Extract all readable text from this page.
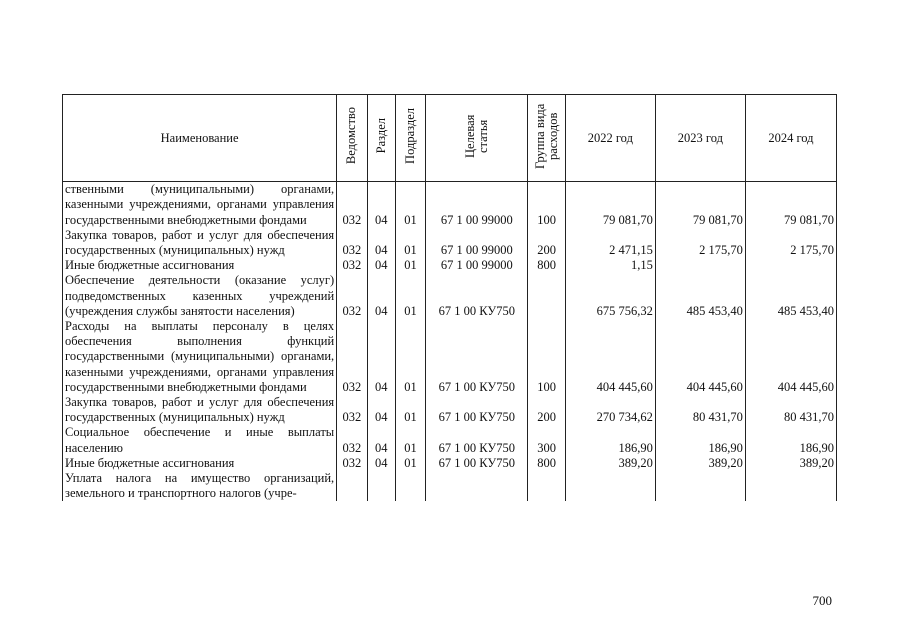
Наименование	Ведомство	Раздел	Подраздел	Целевая статья	Группа вида расходов	2022 год	2023 год	2024 год
ственными (муниципальными) органами, казенными учреждениями, органами управления государственными внебюджетными фондами	032	04	01	67 1 00 99000	100	79 081,70	79 081,70	79 081,70
Закупка товаров, работ и услуг для обеспечения государственных (муниципальных) нужд	032	04	01	67 1 00 99000	200	2 471,15	2 175,70	2 175,70
Иные бюджетные ассигнования	032	04	01	67 1 00 99000	800	1,15		
Обеспечение деятельности (оказание услуг) подведомственных казенных учреждений (учреждения службы занятости населения)	032	04	01	67 1 00 КУ750		675 756,32	485 453,40	485 453,40
Расходы на выплаты персоналу в целях обеспечения выполнения функций государственными (муниципальными) органами, казенными учреждениями, органами управления государственными внебюджетными фондами	032	04	01	67 1 00 КУ750	100	404 445,60	404 445,60	404 445,60
Закупка товаров, работ и услуг для обеспечения государственных (муниципальных) нужд	032	04	01	67 1 00 КУ750	200	270 734,62	80 431,70	80 431,70
Социальное обеспечение и иные выплаты населению	032	04	01	67 1 00 КУ750	300	186,90	186,90	186,90
Иные бюджетные ассигнования	032	04	01	67 1 00 КУ750	800	389,20	389,20	389,20
Уплата налога на имущество организаций, земельного и транспортного налогов (учре-								
700
